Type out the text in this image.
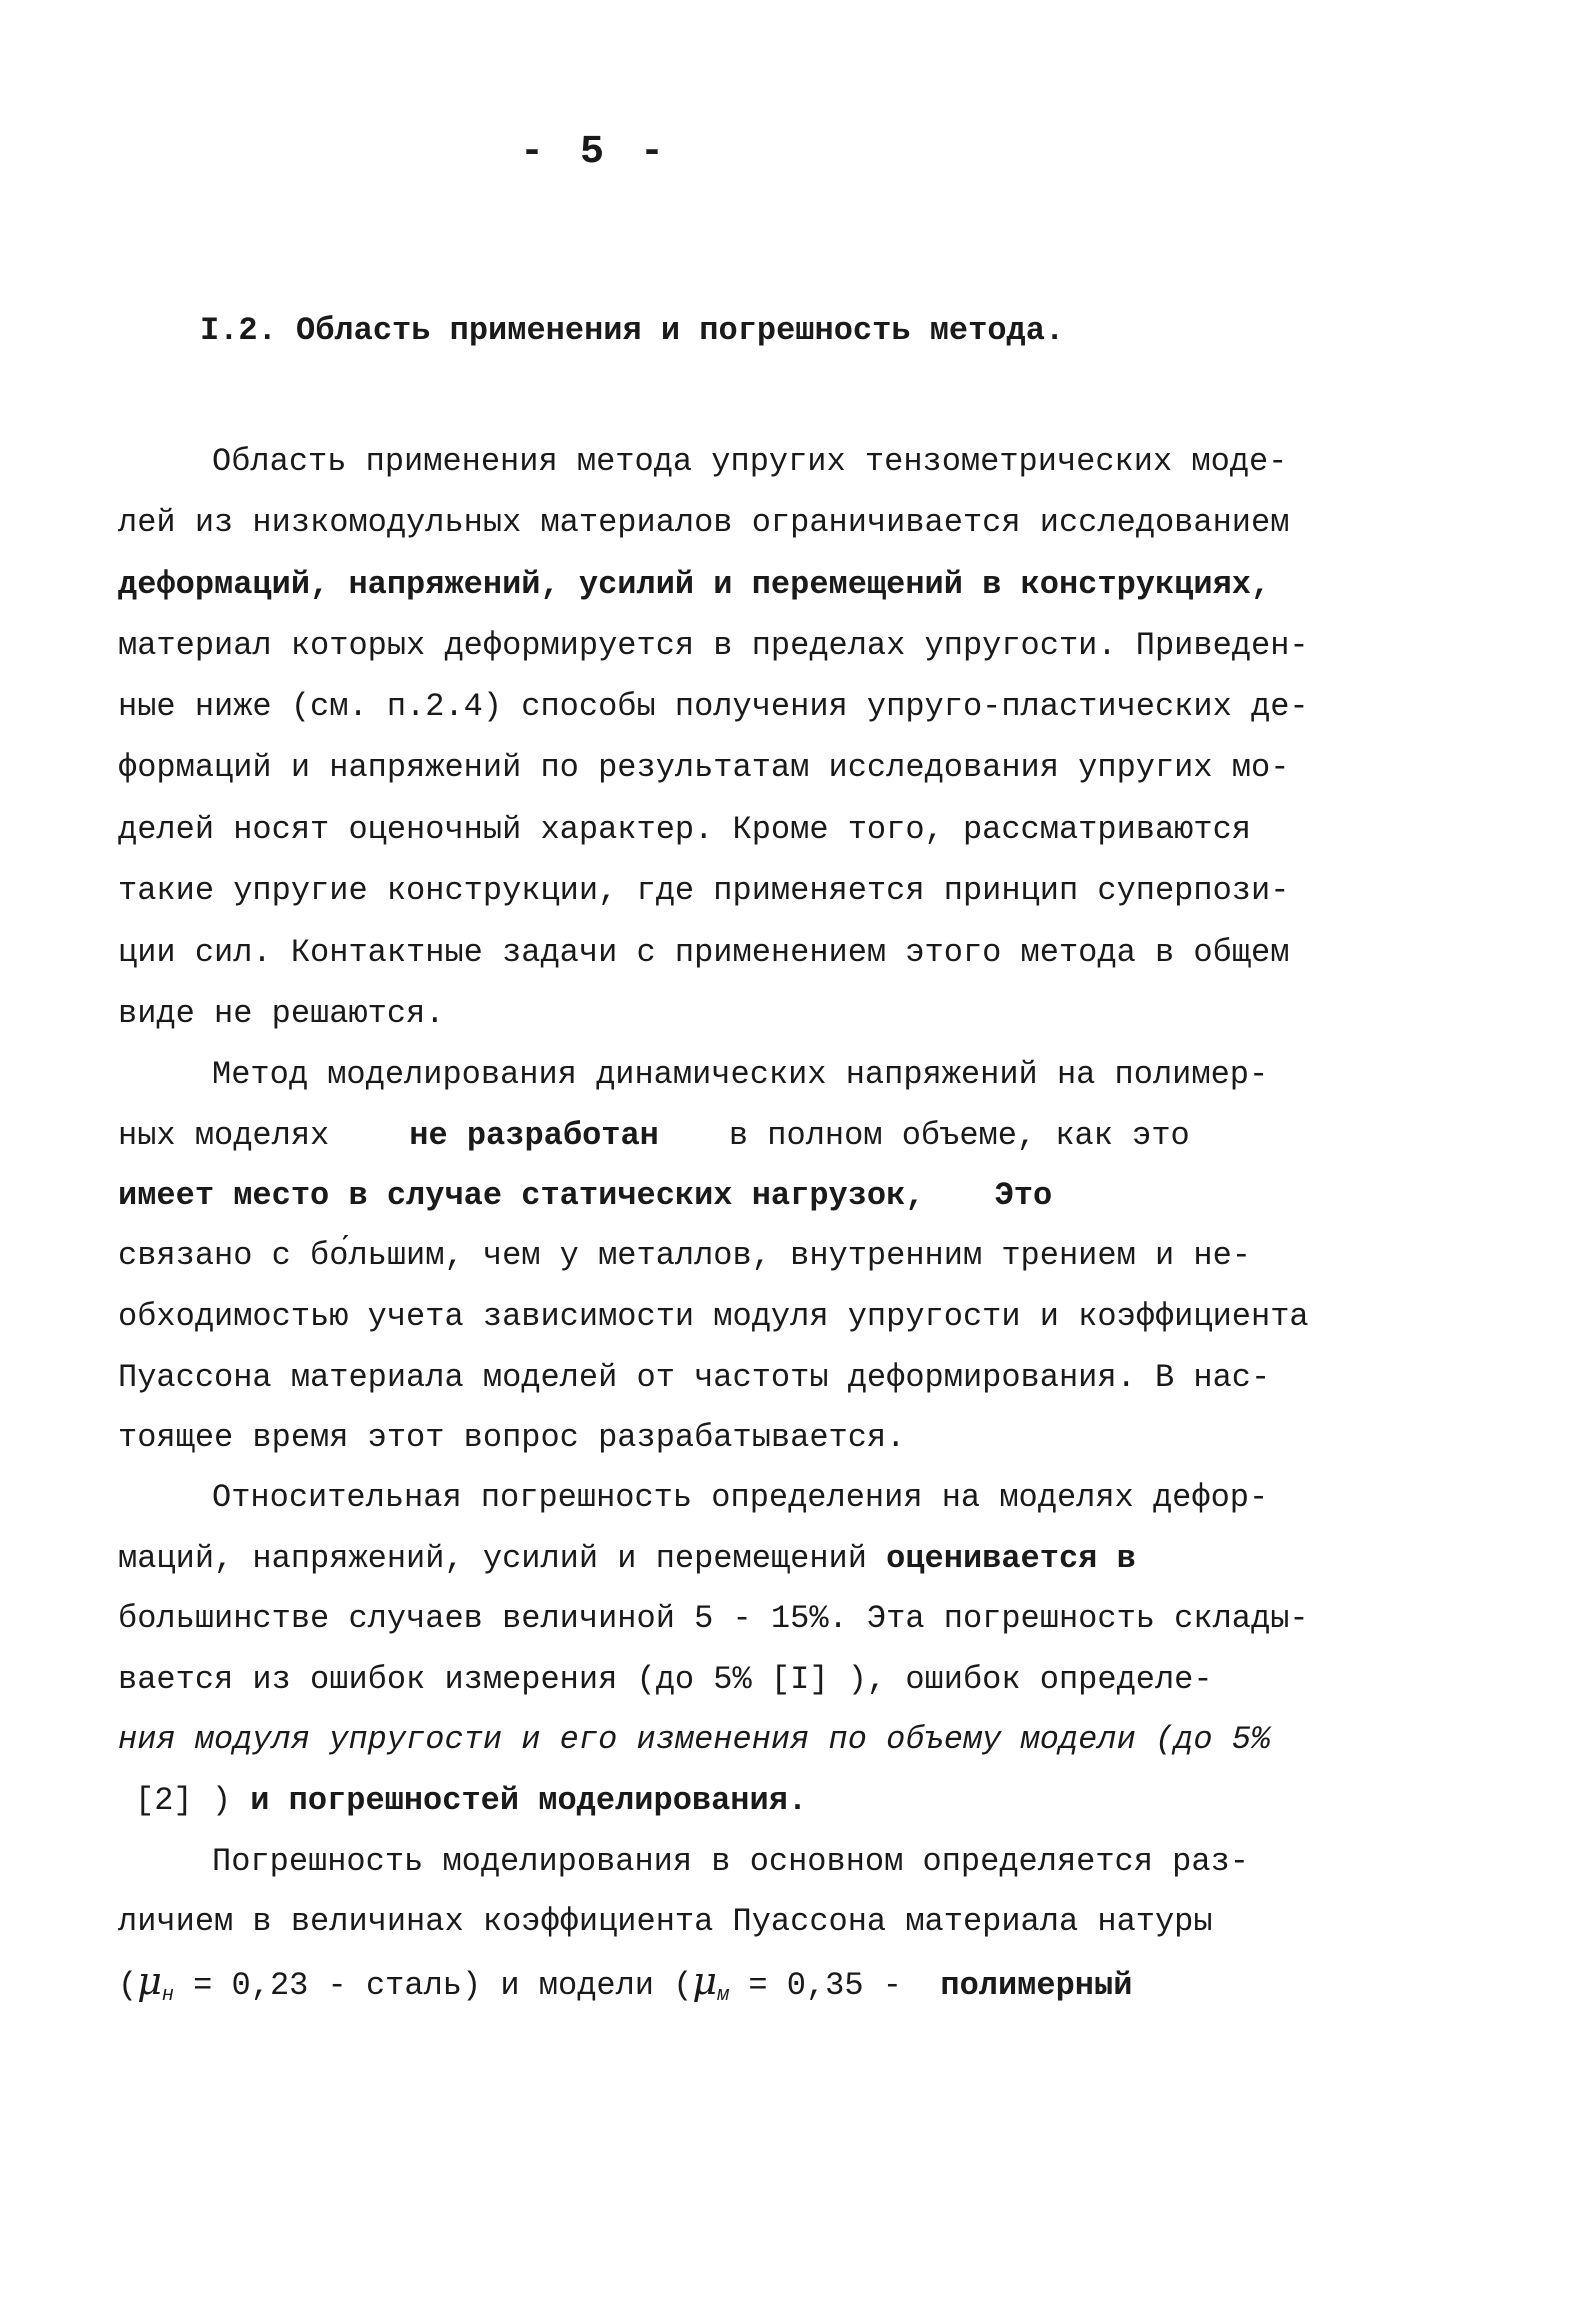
- 5 -
I.2. Область применения и погрешность метода.
Область применения метода упругих тензометрических моде-
лей из низкомодульных материалов ограничивается исследованием
деформаций, напряжений, усилий и перемещений в конструкциях,
материал которых деформируется в пределах упругости. Приведен-
ные ниже (см. п.2.4) способы получения упруго-пластических де-
формаций и напряжений по результатам исследования упругих мо-
делей носят оценочный характер. Кроме того, рассматриваются
такие упругие конструкции, где применяется принцип суперпози-
ции сил. Контактные задачи с применением этого метода в общем
виде не решаются.
Метод моделирования динамических напряжений на полимер-
ных моделях	не разработан в полном объеме, как это
имеет место в случае статических нагрузок, Это
связано с бо́льшим, чем у металлов, внутренним трением и не-
обходимостью учета зависимости модуля упругости и коэффициента
Пуассона материала моделей от частоты деформирования. В нас-
тоящее время этот вопрос разрабатывается.
Относительная погрешность определения на моделях дефор-
маций, напряжений, усилий и перемещений оценивается в
большинстве случаев величиной 5 - 15%. Эта погрешность склады-
вается из ошибок измерения (до 5% [I] ), ошибок определе-
ния модуля упругости и его изменения по объему модели (до 5%
[2] ) и погрешностей моделирования.
Погрешность моделирования в основном определяется раз-
личием в величинах коэффициента Пуассона материала натуры
($\mu_н = 0,23$ - сталь) и модели ($\mu_м = 0,35$ - полимерный
